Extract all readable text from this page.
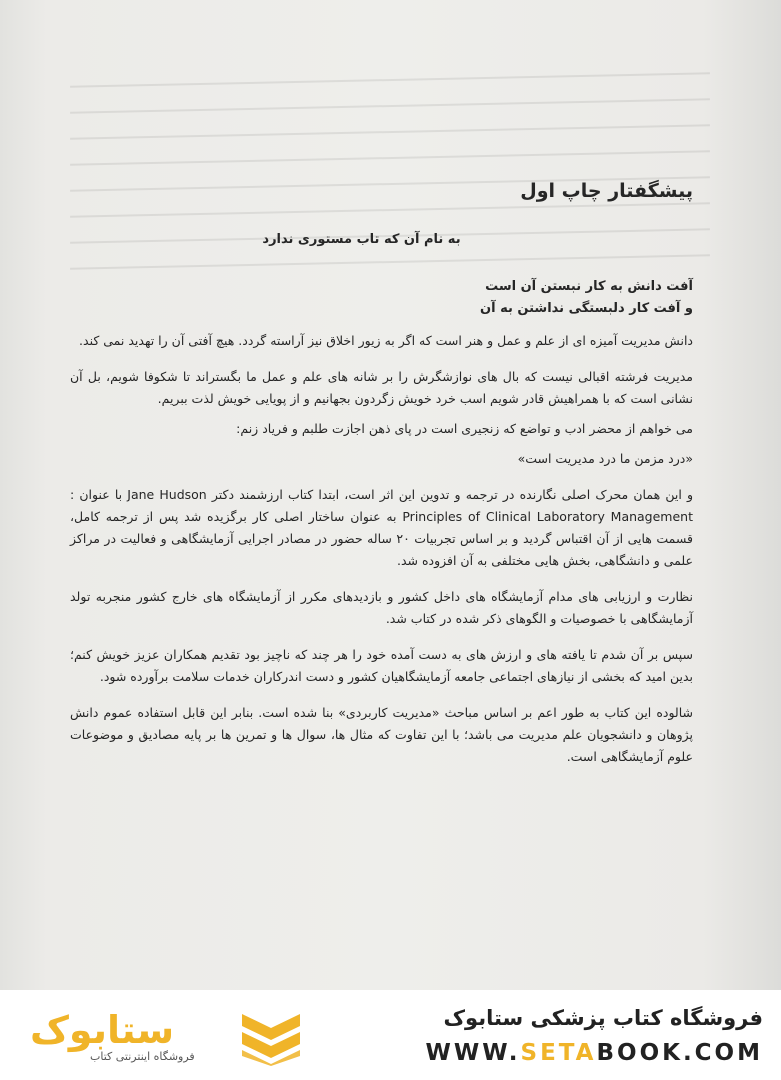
پیشگفتار چاپ اول
به نام آن که تاب مستوری ندارد
آفت دانش به کار نبستن آن است
و آفت کار دلبستگی نداشتن به آن

دانش مدیریت آمیزه ای از علم و عمل و هنر است که اگر به زیور اخلاق نیز آراسته گردد. هیچ آفتی آن را تهدید نمی کند.

مدیریت فرشته اقبالی نیست که بال های نوازشگرش را بر شانه های علم و عمل ما بگستراند تا شکوفا شویم، بل آن نشانی است که با همراهیش قادر شویم اسب خرد خویش زگردون بجهانیم و از پویایی خویش لذت ببریم.

می خواهم از محضر ادب و تواضع که زنجیری است در پای ذهن اجازت طلبم و فریاد زنم:

«درد مزمن ما درد مدیریت است»

و این همان محرک اصلی نگارنده در ترجمه و تدوین این اثر است، ابتدا کتاب ارزشمند دکتر Jane Hudson با عنوان : Principles of Clinical Laboratory Management به عنوان ساختار اصلی کار برگزیده شد پس از ترجمه کامل، قسمت هایی از آن اقتباس گردید و بر اساس تجربیات ۲۰ ساله حضور در مصادر اجرایی آزمایشگاهی و فعالیت در مراکز علمی و دانشگاهی، بخش هایی مختلفی به آن افزوده شد.

نظارت و ارزیابی های مدام آزمایشگاه های داخل کشور و بازدیدهای مکرر از آزمایشگاه های خارج کشور منجربه تولد آزمایشگاهی با خصوصیات و الگوهای ذکر شده در کتاب شد.

سپس بر آن شدم تا یافته های و ارزش های به دست آمده خود را هر چند که ناچیز بود تقدیم همکاران عزیز خویش کنم؛ بدین امید که بخشی از نیازهای اجتماعی جامعه آزمایشگاهیان کشور و دست اندرکاران خدمات سلامت برآورده شود.

شالوده این کتاب به طور اعم بر اساس مباحث «مدیریت کاربردی» بنا شده است. بنابر این قابل استفاده عموم دانش پژوهان و دانشجویان علم مدیریت می باشد؛ با این تفاوت که مثال ها، سوال ها و تمرین ها بر پایه مصادیق و موضوعات علوم آزمایشگاهی است.

ستابوک
فروشگاه اینترنتی کتاب
فروشگاه کتاب پزشکی ستابوک
WWW.SETABOOK.COM
